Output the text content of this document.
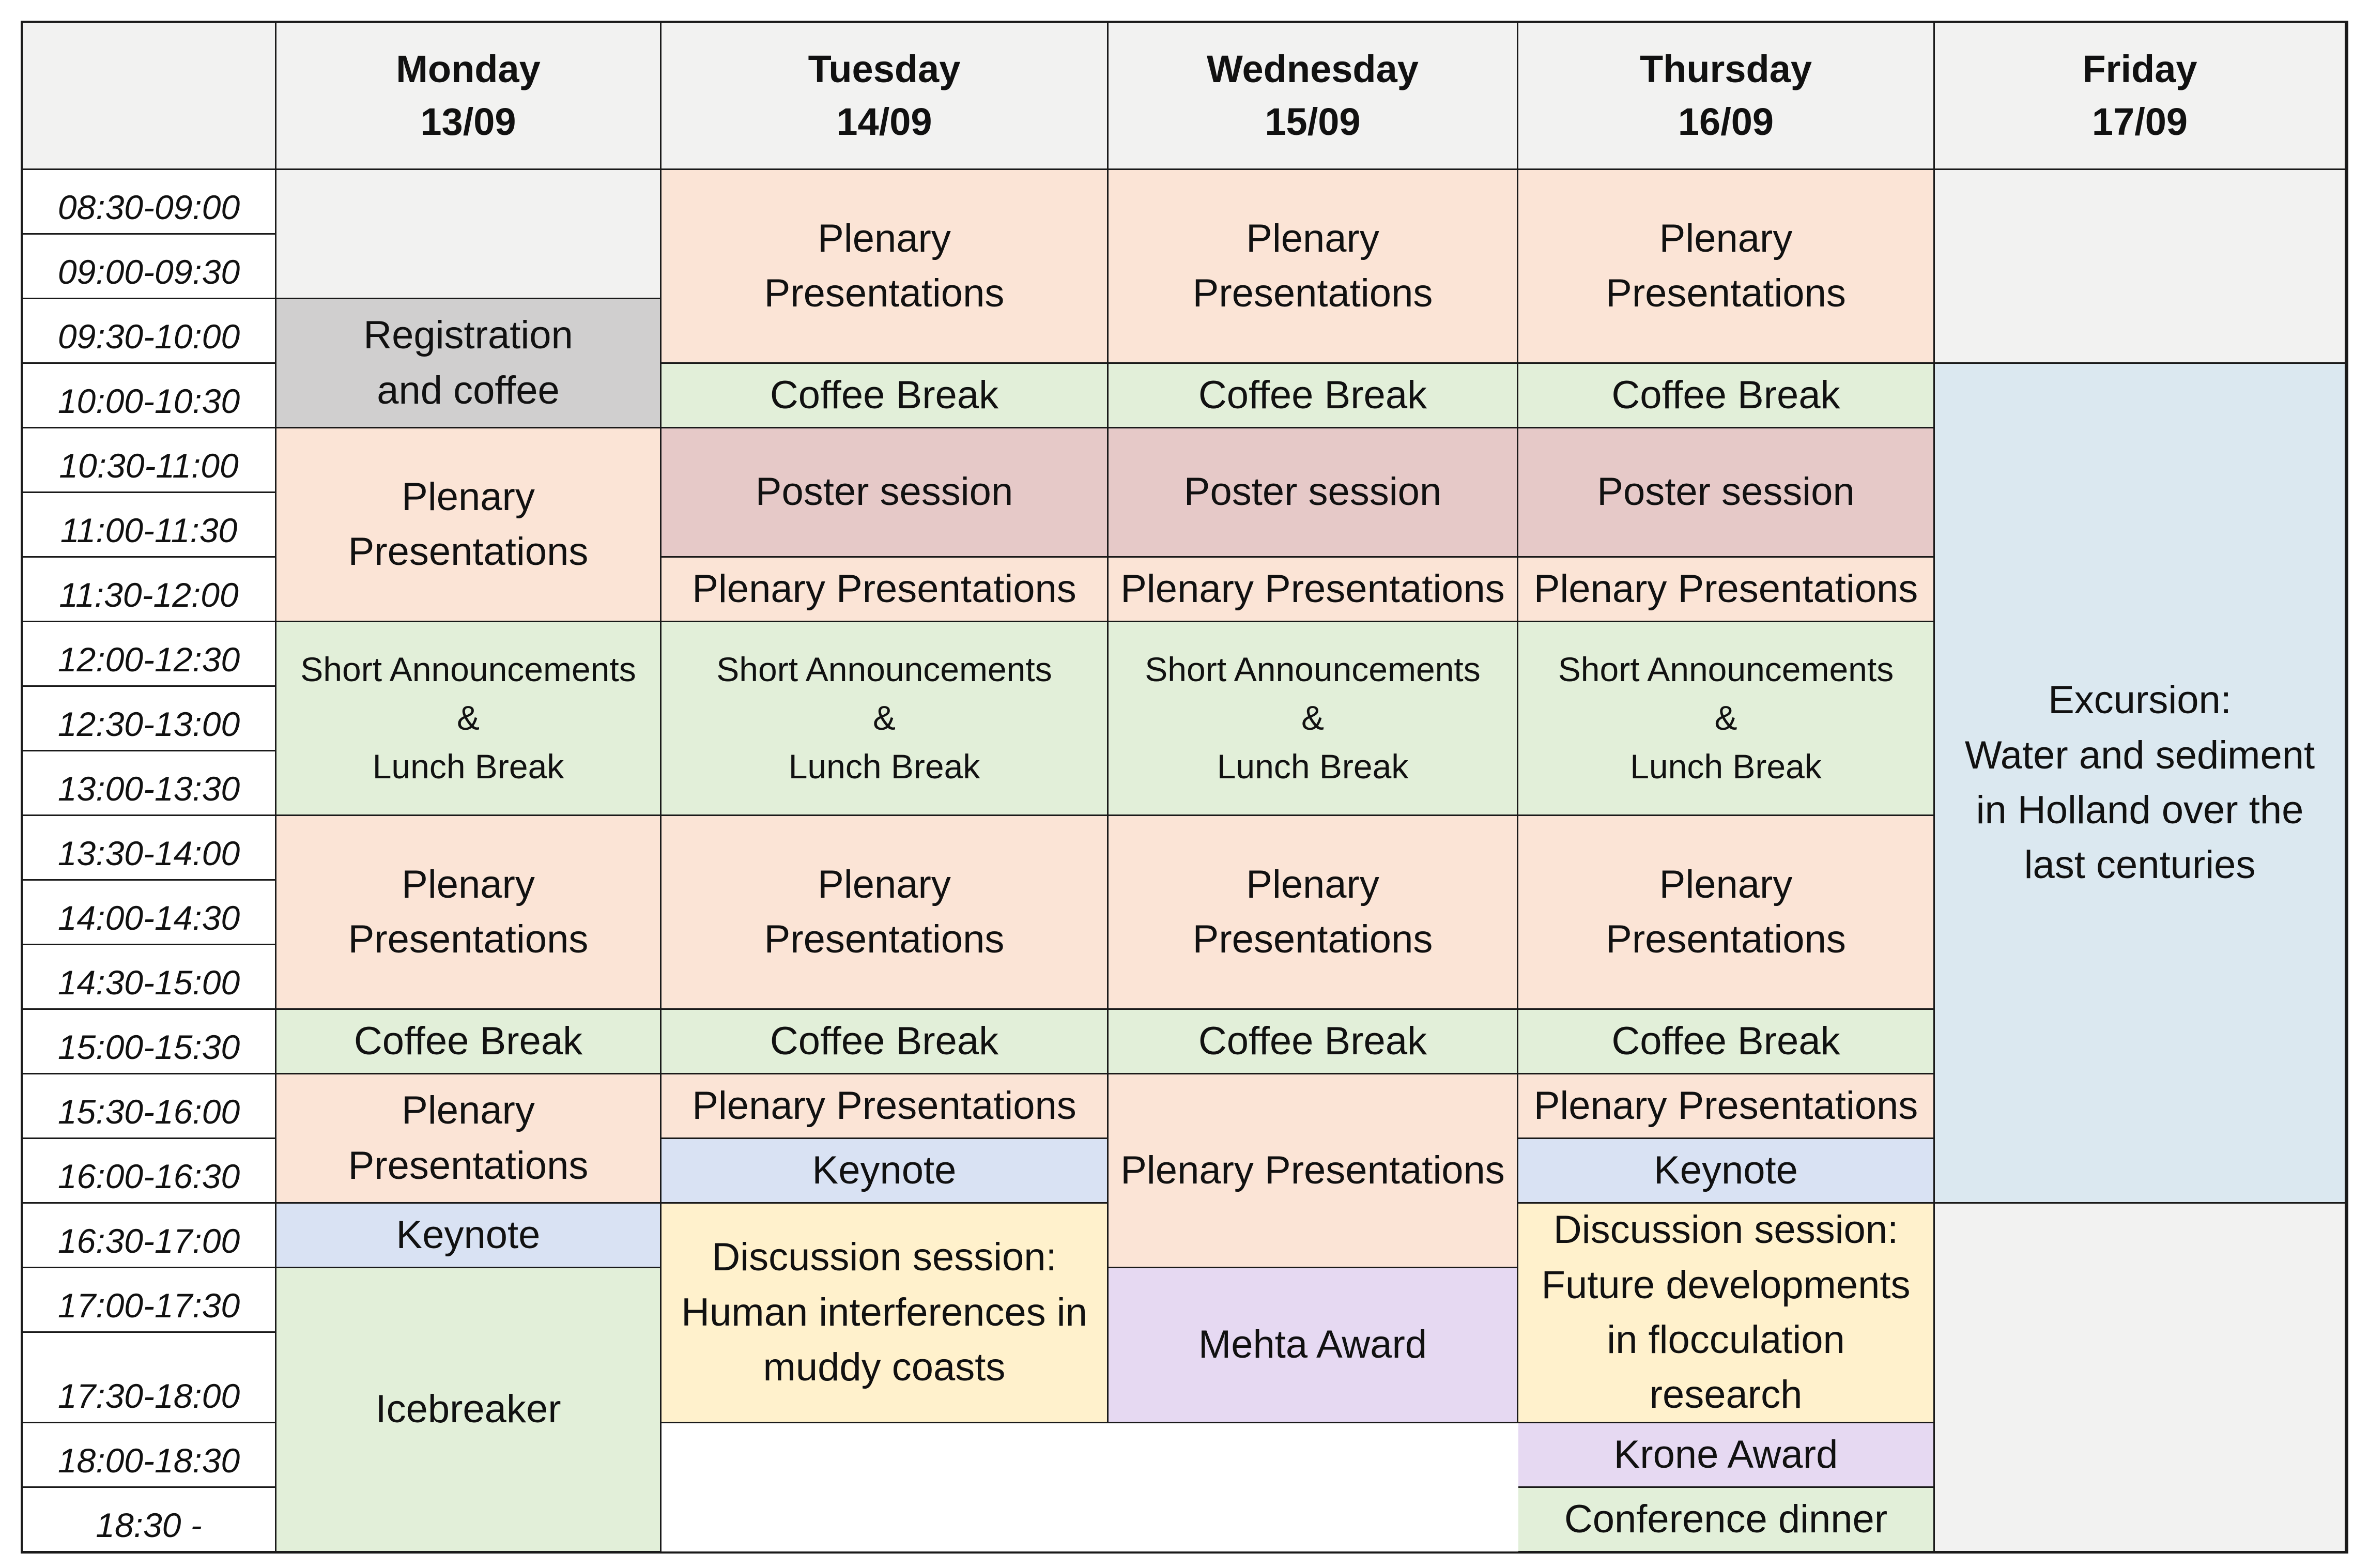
Monday
13/09
Tuesday
14/09
Wednesday
15/09
Thursday
16/09
Friday
17/09
08:30-09:00
09:00-09:30
09:30-10:00
10:00-10:30
10:30-11:00
11:00-11:30
11:30-12:00
12:00-12:30
12:30-13:00
13:00-13:30
13:30-14:00
14:00-14:30
14:30-15:00
15:00-15:30
15:30-16:00
16:00-16:30
16:30-17:00
17:00-17:30
17:30-18:00
18:00-18:30
18:30 -
Registration
and coffee
Plenary
Presentations
Short Announcements
&
Lunch Break
Plenary
Presentations
Coffee Break
Plenary
Presentations
Keynote
Icebreaker
Plenary
Presentations
Coffee Break
Poster session
Plenary Presentations
Short Announcements
&
Lunch Break
Plenary
Presentations
Coffee Break
Plenary Presentations
Keynote
Discussion session:
Human interferences in
muddy coasts
Plenary
Presentations
Coffee Break
Poster session
Plenary Presentations
Short Announcements
&
Lunch Break
Plenary
Presentations
Coffee Break
Plenary Presentations
Mehta Award
Plenary
Presentations
Coffee Break
Poster session
Plenary Presentations
Short Announcements
&
Lunch Break
Plenary
Presentations
Coffee Break
Plenary Presentations
Keynote
Discussion session:
Future developments
in flocculation
research
Krone Award
Conference dinner
Excursion:
Water and sediment
in Holland over the
last centuries
